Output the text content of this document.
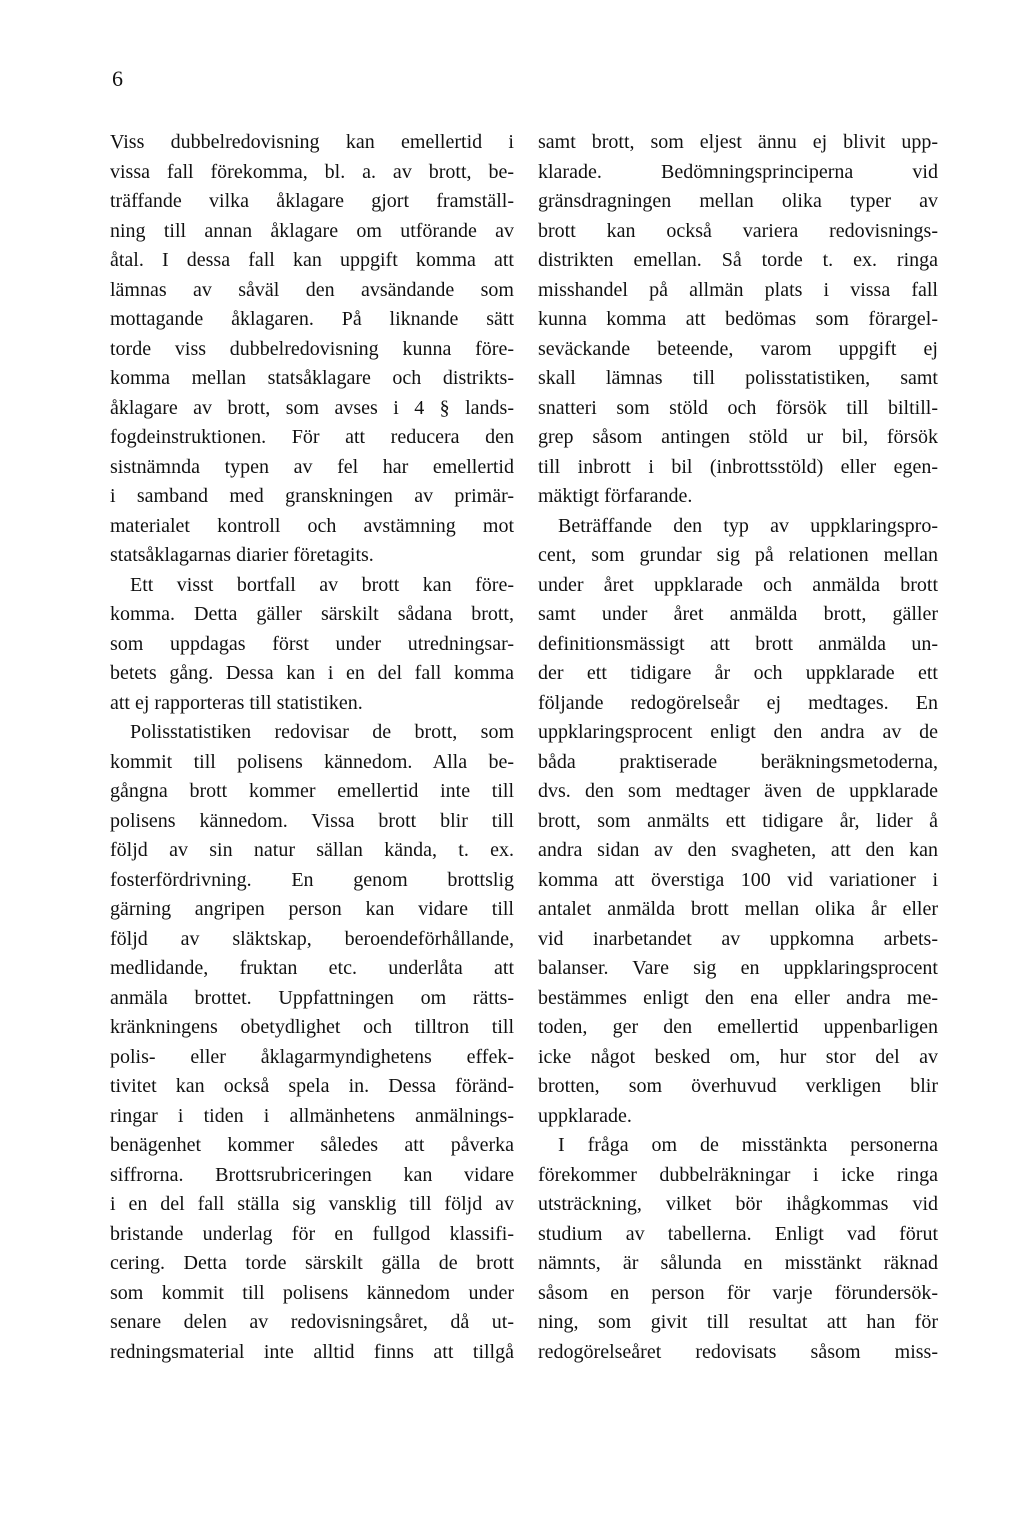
6
Viss dubbelredovisning kan emellertid i
vissa fall förekomma, bl. a. av brott, be-
träffande vilka åklagare gjort framställ-
ning till annan åklagare om utförande av
åtal. I dessa fall kan uppgift komma att
lämnas av såväl den avsändande som
mottagande åklagaren. På liknande sätt
torde viss dubbelredovisning kunna före-
komma mellan statsåklagare och distrikts-
åklagare av brott, som avses i 4 § lands-
fogdeinstruktionen. För att reducera den
sistnämnda typen av fel har emellertid
i samband med granskningen av primär-
materialet kontroll och avstämning mot
statsåklagarnas diarier företagits.
Ett visst bortfall av brott kan före-
komma. Detta gäller särskilt sådana brott,
som uppdagas först under utredningsar-
betets gång. Dessa kan i en del fall komma
att ej rapporteras till statistiken.
Polisstatistiken redovisar de brott, som
kommit till polisens kännedom. Alla be-
gångna brott kommer emellertid inte till
polisens kännedom. Vissa brott blir till
följd av sin natur sällan kända, t. ex.
fosterfördrivning. En genom brottslig
gärning angripen person kan vidare till
följd av släktskap, beroendeförhållande,
medlidande, fruktan etc. underlåta att
anmäla brottet. Uppfattningen om rätts-
kränkningens obetydlighet och tilltron till
polis- eller åklagarmyndighetens effek-
tivitet kan också spela in. Dessa föränd-
ringar i tiden i allmänhetens anmälnings-
benägenhet kommer således att påverka
siffrorna. Brottsrubriceringen kan vidare
i en del fall ställa sig vansklig till följd av
bristande underlag för en fullgod klassifi-
cering. Detta torde särskilt gälla de brott
som kommit till polisens kännedom under
senare delen av redovisningsåret, då ut-
redningsmaterial inte alltid finns att tillgå
samt brott, som eljest ännu ej blivit upp-
klarade. Bedömningsprinciperna vid
gränsdragningen mellan olika typer av
brott kan också variera redovisnings-
distrikten emellan. Så torde t. ex. ringa
misshandel på allmän plats i vissa fall
kunna komma att bedömas som förargel-
seväckande beteende, varom uppgift ej
skall lämnas till polisstatistiken, samt
snatteri som stöld och försök till biltill-
grep såsom antingen stöld ur bil, försök
till inbrott i bil (inbrottsstöld) eller egen-
mäktigt förfarande.
Beträffande den typ av uppklaringspro-
cent, som grundar sig på relationen mellan
under året uppklarade och anmälda brott
samt under året anmälda brott, gäller
definitionsmässigt att brott anmälda un-
der ett tidigare år och uppklarade ett
följande redogörelseår ej medtages. En
uppklaringsprocent enligt den andra av de
båda praktiserade beräkningsmetoderna,
dvs. den som medtager även de uppklarade
brott, som anmälts ett tidigare år, lider å
andra sidan av den svagheten, att den kan
komma att överstiga 100 vid variationer i
antalet anmälda brott mellan olika år eller
vid inarbetandet av uppkomna arbets-
balanser. Vare sig en uppklaringsprocent
bestämmes enligt den ena eller andra me-
toden, ger den emellertid uppenbarligen
icke något besked om, hur stor del av
brotten, som överhuvud verkligen blir
uppklarade.
I fråga om de misstänkta personerna
förekommer dubbelräkningar i icke ringa
utsträckning, vilket bör ihågkommas vid
studium av tabellerna. Enligt vad förut
nämnts, är sålunda en misstänkt räknad
såsom en person för varje förundersök-
ning, som givit till resultat att han för
redogörelseåret redovisats såsom miss-
